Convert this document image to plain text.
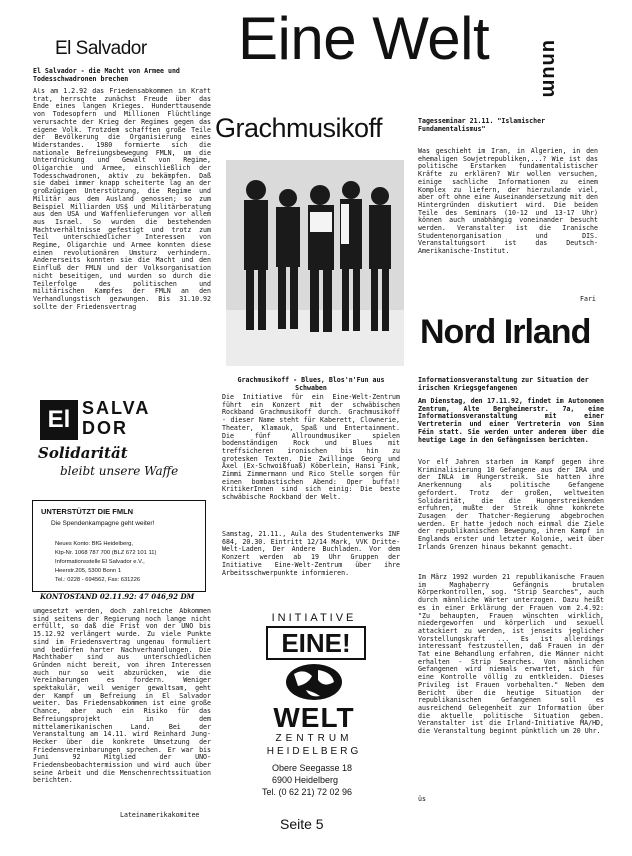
Eine Welt	unum
El Salvador
El Salvador - die Macht von Armee und Todesschwadronen brechen
Als am 1.2.92 das Friedensabkommen in Kraft trat, herrschte zunächst Freude über das Ende eines langen Krieges. Hunderttausende von Todesopfern und Millionen Flüchtlinge verursachte der Krieg der Regimes gegen das eigene Volk. Trotzdem schafften große Teile der Bevölkerung die Organisierung eines Widerstandes. 1980 formierte sich die nationale Befreiungsbewegung FMLN, um die Unterdrückung und Gewalt von Regime, Oligarchie und Armee, einschließlich der Todesschwadronen, aktiv zu bekämpfen. Daß sie dabei immer knapp scheiterte lag an der großzügigen Unterstützung, die Regime und Militär aus dem Ausland genossen; so zum Beispiel Milliarden US$ und Militärberatung aus den USA und Waffenlieferungen vor allem aus Israel. So wurden die bestehenden Machtverhältnisse gefestigt und trotz zum Teil unterschiedlicher Interessen von Regime, Oligarchie und Armee konnten diese einen revolutionären Umsturz verhindern. Andererseits konnten sie die Macht und den Einfluß der FMLN und der Volksorganisation nicht beseitigen, und wurden so durch die Teilerfolge des politischen und militärischen Kampfes der FMLN an den Verhandlungstisch gezwungen. Bis 31.10.92 sollte der Friedensvertrag
El SALVA
DOR
Solidarität
bleibt unsere Waffe
UNTERSTÜTZT DIE FMLN
Die Spendenkampagne geht weiter!
Neues Konto: BfG Heidelberg,
Ktp-Nr. 1068 787 700 (BLZ 672 101 11)
Informationsstelle El Salvador e.V.,
Heerstr.205, 5300 Bonn 1
Tel.: 0228 - 694562, Fax: 631226
KONTOSTAND 02.11.92: 47 046,92 DM
umgesetzt werden, doch zahlreiche Abkommen sind seitens der Regierung noch lange nicht erfüllt, so daß die Frist von der UNO bis 15.12.92 verlängert wurde. Zu viele Punkte sind im Friedensvertrag ungenau formuliert und bedürfen harter Nachverhandlungen. Die Machthaber sind aus unterschiedlichen Gründen nicht bereit, von ihren Interessen auch nur so weit abzurücken, wie die Vereinbarungen es fordern. Weniger spektakulär, weil weniger gewaltsam, geht der Kampf um Befreiung in El Salvador weiter. Das Friedensabkommen ist eine große Chance, aber auch ein Risiko für das Befreiungsprojekt in dem mittelamerikanischen Land. Bei der Veranstaltung am 14.11. wird Reinhard Jung-Hecker über die konkrete Umsetzung der Friedensvereinbarungen sprechen. Er war bis Juni 92 Mitglied der UNO-Friedensbeobachtermission und wird auch über seine Arbeit und die Menschenrechtssituation berichten.
Lateinamerikakomitee
Grachmusikoff
Grachmusikoff - Blues, Blos'n'Fun aus Schwaben
Die Initiative für ein Eine-Welt-Zentrum führt ein Konzert mit der schwäbischen Rockband Grachmusikoff durch. Grachmusikoff - dieser Name steht für Kaberett, Clownerie, Theater, Klamauk, Spaß und Entertainment. Die fünf Allroundmusiker spielen bodenständigen Rock und Blues mit treffsicheren ironischen bis hin zu grotesken Texten. Die Zwillinge Georg und Axel (Ex-Schwoißfuaß) Köberlein, Hansi Fink, Zimmi Zimmermann und Rico Stelle sorgen für einen bombastischen Abend: Oper buffa!! KritikerInnen sind sich einig: Die beste schwäbische Rockband der Welt.
Samstag, 21.11., Aula des Studentenwerks INF 684, 20.30. Eintritt 12/14 Mark, VVK Dritte-Welt-Laden, Der Andere Buchladen. Vor dem Konzert werden ab 19 Uhr Gruppen der Initiative Eine-Welt-Zentrum über ihre Arbeitsschwerpunkte informieren.
INITIATIVE
EINE!
WELT
ZENTRUM
HEIDELBERG
Obere Seegasse 18
6900 Heidelberg
Tel. (0 62 21) 72 02 96
Seite 5
Tagesseminar 21.11. "Islamischer Fundamentalismus"
Was geschieht im Iran, in Algerien, in den ehemaligen Sowjetrepubliken,...? Wie ist das politische Erstarken fundamentalistischer Kräfte zu erklären? Wir wollen versuchen, einige sachliche Informationen zu einem Komplex zu liefern, der hierzulande viel, aber oft ohne eine Auseinandersetzung mit den Hintergründen diskutiert wird. Die beiden Teile des Seminars (10-12 und 13-17 Uhr) können auch unabhängig voneinander besucht werden. Veranstalter ist die Iranische Studentenorganisation und DIS. Veranstaltungsort ist das Deutsch-Amerikanische-Institut.
Fari
Nord Irland
Informationsveranstaltung zur Situation der irischen Kriegsgefangenen
Am Dienstag, den 17.11.92, findet im Autonomen Zentrum, Alte Bergheimerstr. 7a, eine Informationsveranstaltung mit einer Vertreterin und einer Vertreterin von Sinn Féin statt. Sie werden unter anderem über die heutige Lage in den Gefängnissen berichten.
Vor elf Jahren starben im Kampf gegen ihre Kriminalisierung 10 Gefangene aus der IRA und der INLA im Hungerstreik. Sie hatten ihre Anerkennung als politische Gefangene gefordert. Trotz der großen, weltweiten Solidarität, die die Hungerstreikenden erfuhren, mußte der Streik ohne konkrete Zusagen der Thatcher-Regierung abgebrochen werden. Er hatte jedoch noch einmal die Ziele der republikanischen Bewegung, ihren Kampf in Englands erster und letzter Kolonie, weit über Irlands Grenzen hinaus bekannt gemacht.
Im März 1992 wurden 21 republikanische Frauen im Maghaberry Gefängnis brutalen Körperkontrollen, sog. "Strip Searches", auch durch männliche Wärter unterzogen. Dazu heißt es in einer Erklärung der Frauen vom 2.4.92: "Zu behaupten, Frauen wünschten wirklich, niedergeworfen und körperlich und sexuell attackiert zu werden, ist jenseits jeglicher Vorstellungskraft ... Es ist allerdings interessant festzustellen, daß Frauen in der Tat eine Behandlung erfahren, die Männer nicht erhalten - Strip Searches. Von männlichen Gefangenen wird niemals erwartet, sich für eine Kontrolle völlig zu entkleiden. Dieses Privileg ist Frauen vorbehalten." Neben dem Bericht über die heutige Situation der republikanischen Gefangenen soll es ausreichend Gelegenheit zur Information über die aktuelle politische Situation geben. Veranstalter ist die Irland-Initiative MA/HD, die Veranstaltung beginnt pünktlich um 20 Uhr.
üs
